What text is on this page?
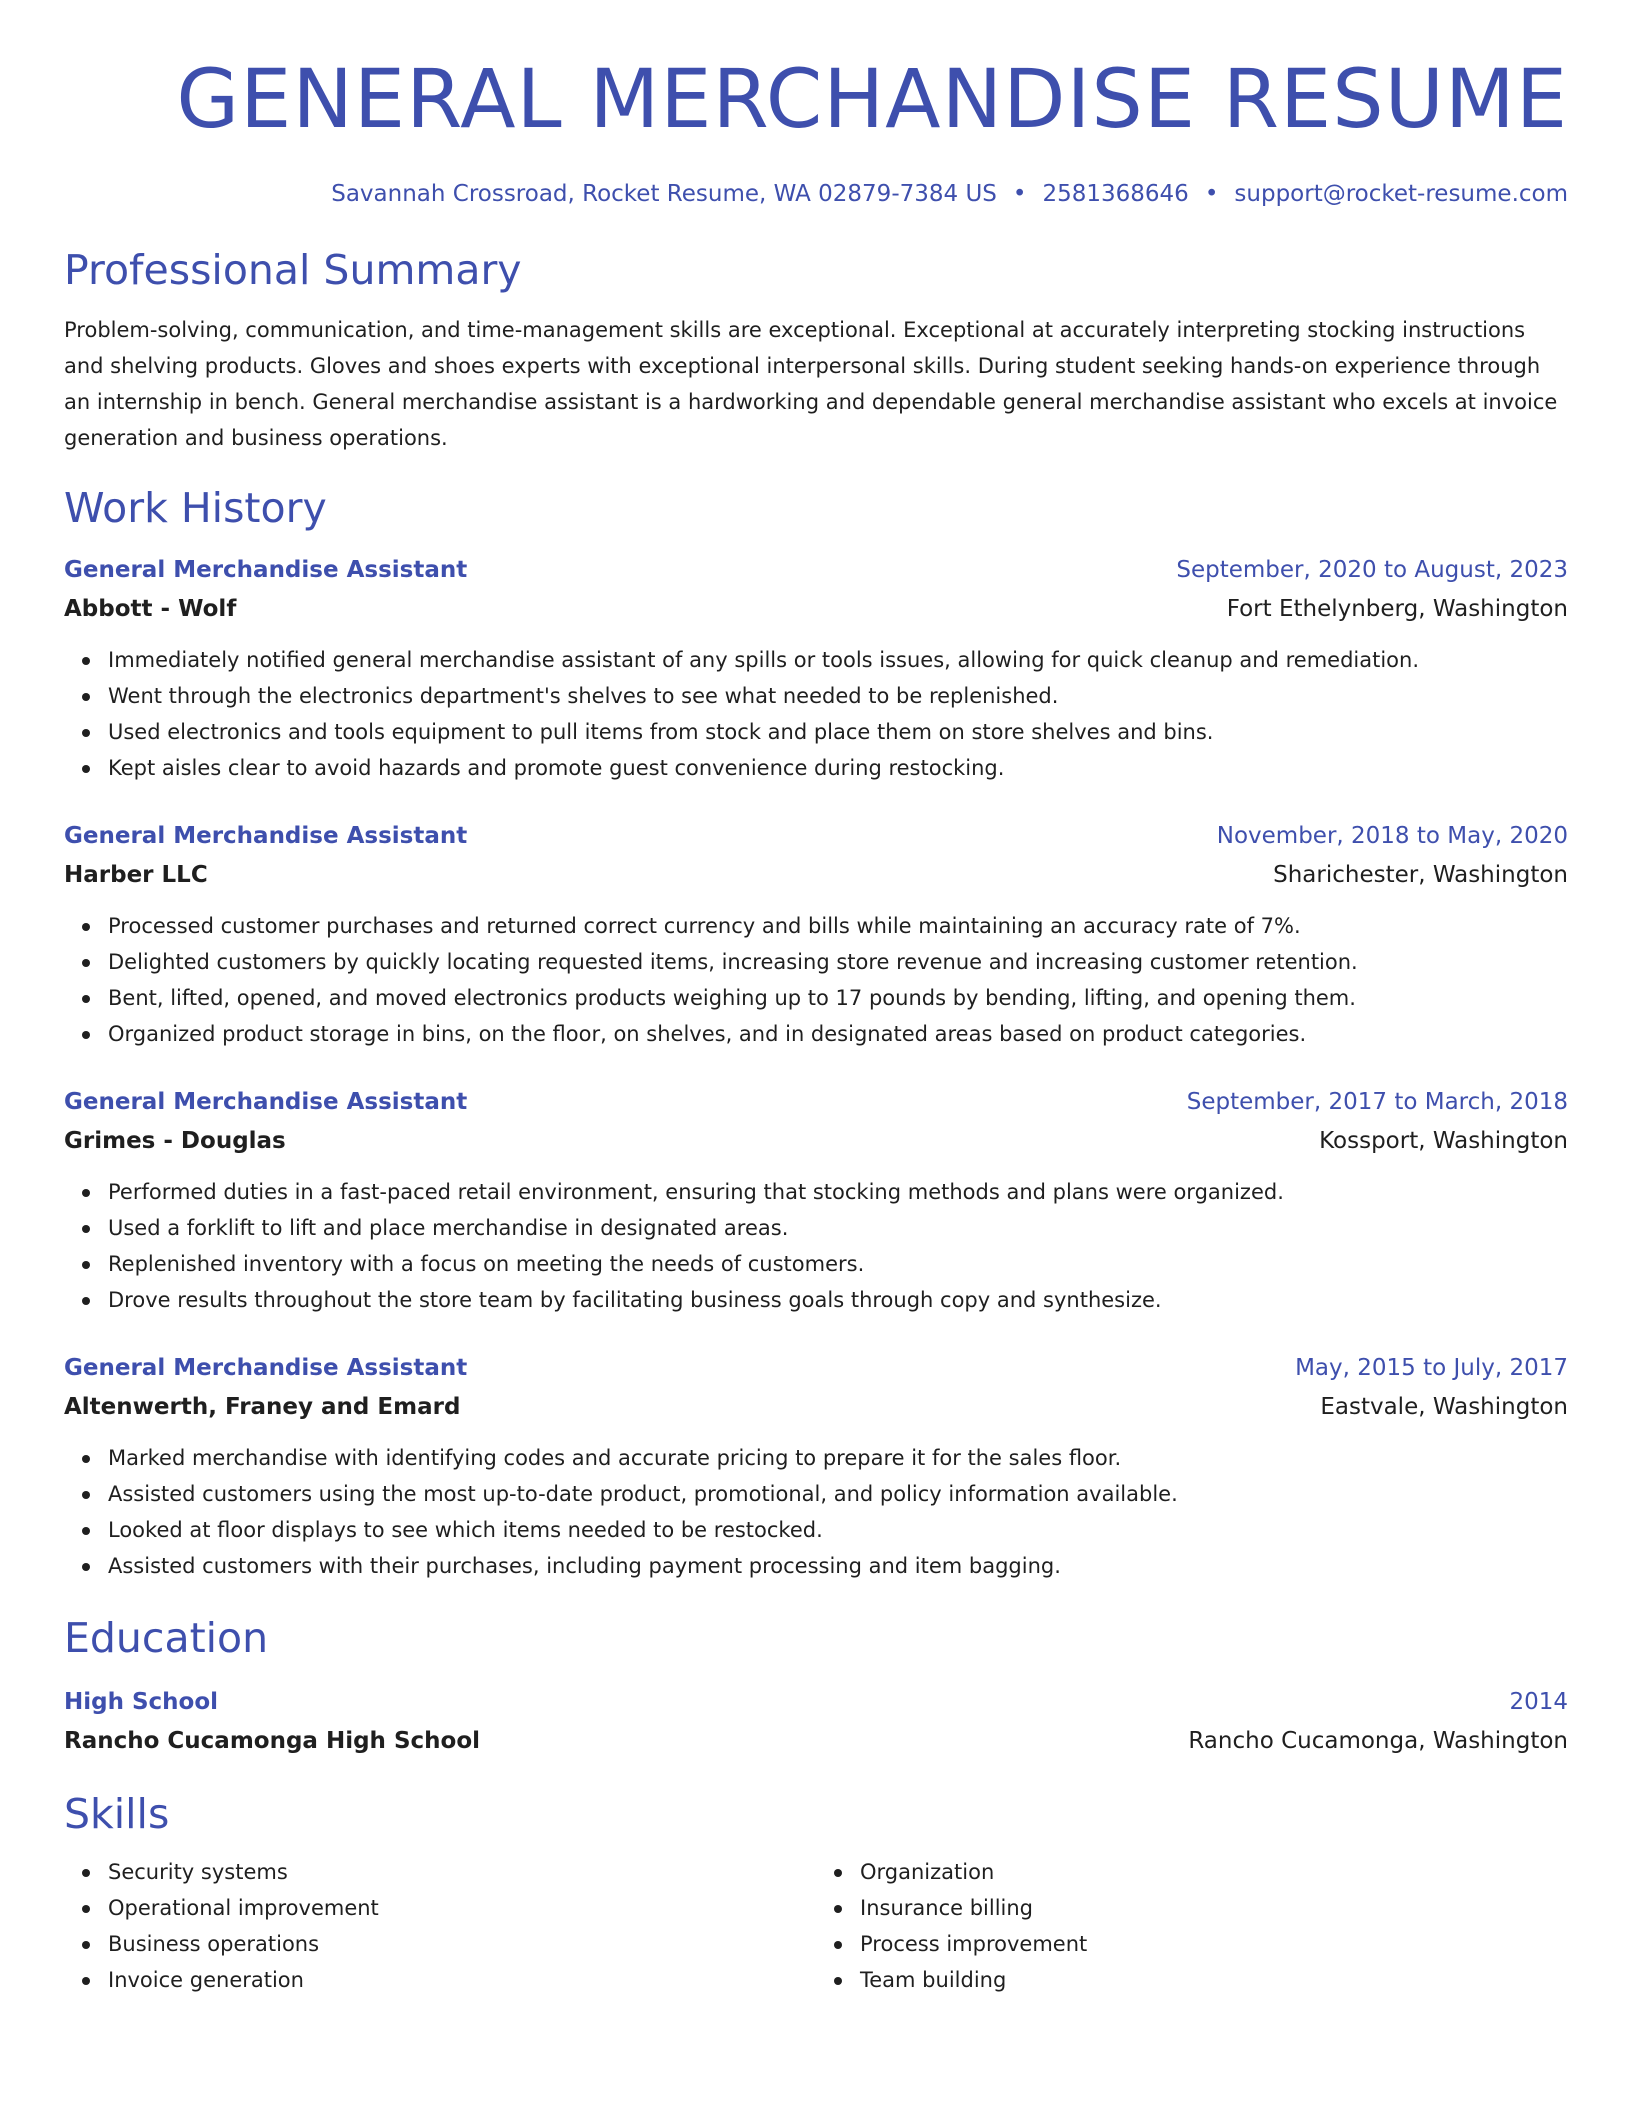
GENERAL MERCHANDISE RESUME
Savannah Crossroad, Rocket Resume, WA 02879-7384 US • 2581368646 • support@rocket-resume.com
Professional Summary
Problem-solving, communication, and time-management skills are exceptional. Exceptional at accurately interpreting stocking instructions and shelving products. Gloves and shoes experts with exceptional interpersonal skills. During student seeking hands-on experience through an internship in bench. General merchandise assistant is a hardworking and dependable general merchandise assistant who excels at invoice generation and business operations.
Work History
General Merchandise Assistant	September, 2020 to August, 2023
Abbott - Wolf	Fort Ethelynberg, Washington
Immediately notified general merchandise assistant of any spills or tools issues, allowing for quick cleanup and remediation.
Went through the electronics department's shelves to see what needed to be replenished.
Used electronics and tools equipment to pull items from stock and place them on store shelves and bins.
Kept aisles clear to avoid hazards and promote guest convenience during restocking.
General Merchandise Assistant	November, 2018 to May, 2020
Harber LLC	Sharichester, Washington
Processed customer purchases and returned correct currency and bills while maintaining an accuracy rate of 7%.
Delighted customers by quickly locating requested items, increasing store revenue and increasing customer retention.
Bent, lifted, opened, and moved electronics products weighing up to 17 pounds by bending, lifting, and opening them.
Organized product storage in bins, on the floor, on shelves, and in designated areas based on product categories.
General Merchandise Assistant	September, 2017 to March, 2018
Grimes - Douglas	Kossport, Washington
Performed duties in a fast-paced retail environment, ensuring that stocking methods and plans were organized.
Used a forklift to lift and place merchandise in designated areas.
Replenished inventory with a focus on meeting the needs of customers.
Drove results throughout the store team by facilitating business goals through copy and synthesize.
General Merchandise Assistant	May, 2015 to July, 2017
Altenwerth, Franey and Emard	Eastvale, Washington
Marked merchandise with identifying codes and accurate pricing to prepare it for the sales floor.
Assisted customers using the most up-to-date product, promotional, and policy information available.
Looked at floor displays to see which items needed to be restocked.
Assisted customers with their purchases, including payment processing and item bagging.
Education
High School	2014
Rancho Cucamonga High School	Rancho Cucamonga, Washington
Skills
Security systems
Operational improvement
Business operations
Invoice generation
Organization
Insurance billing
Process improvement
Team building
